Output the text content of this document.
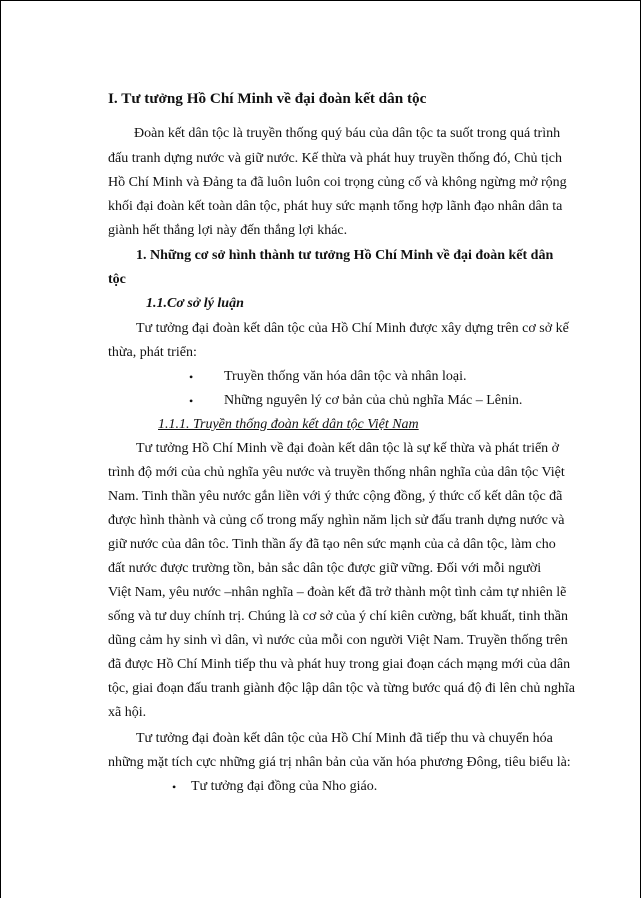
I. Tư tưởng Hồ Chí Minh về đại đoàn kết dân tộc
Đoàn kết dân tộc là truyền thống quý báu của dân tộc ta suốt trong quá trình
đấu tranh dựng nước và giữ nước. Kế thừa và phát huy truyền thống đó, Chủ tịch
Hồ Chí Minh và Đảng ta đã luôn luôn coi trọng củng cố và không ngừng mở rộng
khối đại đoàn kết toàn dân tộc, phát huy sức mạnh tổng hợp lãnh đạo nhân dân ta
giành hết thắng lợi này đến thắng lợi khác.
1. Những cơ sở hình thành tư tưởng Hồ Chí Minh về đại đoàn kết dân
tộc
1.1.Cơ sở lý luận
Tư tưởng đại đoàn kết dân tộc của Hồ Chí Minh được xây dựng trên cơ sở kế
thừa, phát triển:
• Truyền thống văn hóa dân tộc và nhân loại.
• Những nguyên lý cơ bản của chủ nghĩa Mác – Lênin.
1.1.1. Truyền thống đoàn kết dân tộc Việt Nam
Tư tưởng Hồ Chí Minh về đại đoàn kết dân tộc là sự kế thừa và phát triển ở
trình độ mới của chủ nghĩa yêu nước và truyền thống nhân nghĩa của dân tộc Việt
Nam. Tinh thần yêu nước gắn liền với ý thức cộng đồng, ý thức cố kết dân tộc đã
được hình thành và củng cố trong mấy nghìn năm lịch sử đấu tranh dựng nước và
giữ nước của dân tôc. Tinh thần ấy đã tạo nên sức mạnh của cả dân tộc, làm cho
đất nước được trường tồn, bản sắc dân tộc được giữ vững. Đối với mỗi người
Việt Nam, yêu nước –nhân nghĩa – đoàn kết đã trở thành một tình cảm tự nhiên lẽ
sống và tư duy chính trị. Chúng là cơ sở của ý chí kiên cường, bất khuất, tinh thần
dũng cảm hy sinh vì dân, vì nước của mỗi con người Việt Nam. Truyền thống trên
đã được Hồ Chí Minh tiếp thu và phát huy trong giai đoạn cách mạng mới của dân
tộc, giai đoạn đấu tranh giành độc lập dân tộc và từng bước quá độ đi lên chủ nghĩa
xã hội.
Tư tưởng đại đoàn kết dân tộc của Hồ Chí Minh đã tiếp thu và chuyển hóa
những mặt tích cực những giá trị nhân bản của văn hóa phương Đông, tiêu biểu là:
• Tư tưởng đại đồng của Nho giáo.
